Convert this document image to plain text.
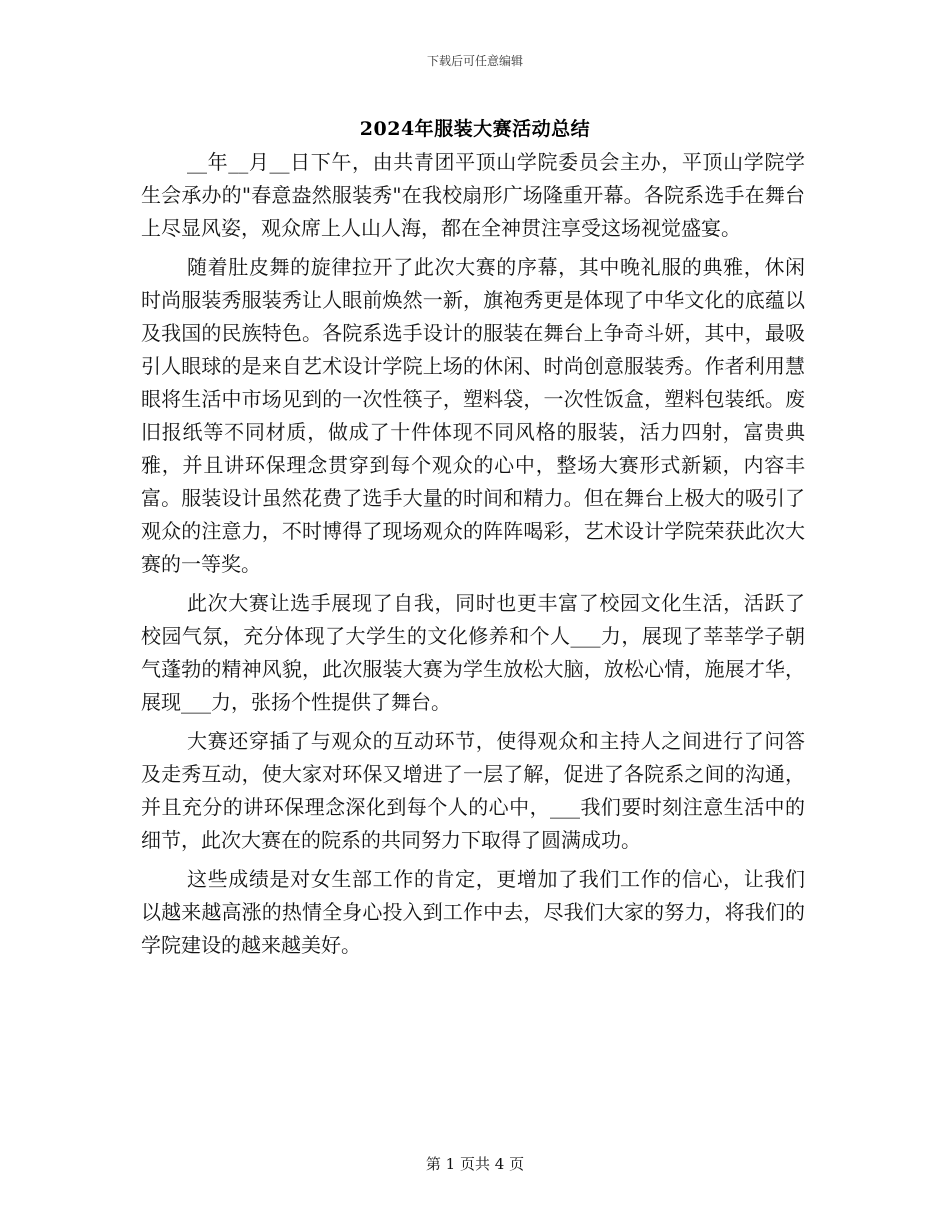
下载后可任意编辑
2024年服装大赛活动总结

__年__月__日下午，由共青团平顶山学院委员会主办，平顶山学院学生会承办的"春意盎然服装秀"在我校扇形广场隆重开幕。各院系选手在舞台上尽显风姿，观众席上人山人海，都在全神贯注享受这场视觉盛宴。

随着肚皮舞的旋律拉开了此次大赛的序幕，其中晚礼服的典雅，休闲时尚服装秀服装秀让人眼前焕然一新，旗袍秀更是体现了中华文化的底蕴以及我国的民族特色。各院系选手设计的服装在舞台上争奇斗妍，其中，最吸引人眼球的是来自艺术设计学院上场的休闲、时尚创意服装秀。作者利用慧眼将生活中市场见到的一次性筷子，塑料袋，一次性饭盒，塑料包装纸。废旧报纸等不同材质，做成了十件体现不同风格的服装，活力四射，富贵典雅，并且讲环保理念贯穿到每个观众的心中，整场大赛形式新颖，内容丰富。服装设计虽然花费了选手大量的时间和精力。但在舞台上极大的吸引了观众的注意力，不时博得了现场观众的阵阵喝彩，艺术设计学院荣获此次大赛的一等奖。

此次大赛让选手展现了自我，同时也更丰富了校园文化生活，活跃了校园气氛，充分体现了大学生的文化修养和个人___力，展现了莘莘学子朝气蓬勃的精神风貌，此次服装大赛为学生放松大脑，放松心情，施展才华，展现___力，张扬个性提供了舞台。

大赛还穿插了与观众的互动环节，使得观众和主持人之间进行了问答及走秀互动，使大家对环保又增进了一层了解，促进了各院系之间的沟通，并且充分的讲环保理念深化到每个人的心中，___我们要时刻注意生活中的细节，此次大赛在的院系的共同努力下取得了圆满成功。

这些成绩是对女生部工作的肯定，更增加了我们工作的信心，让我们以越来越高涨的热情全身心投入到工作中去，尽我们大家的努力，将我们的学院建设的越来越美好。

第 1 页共 4 页
